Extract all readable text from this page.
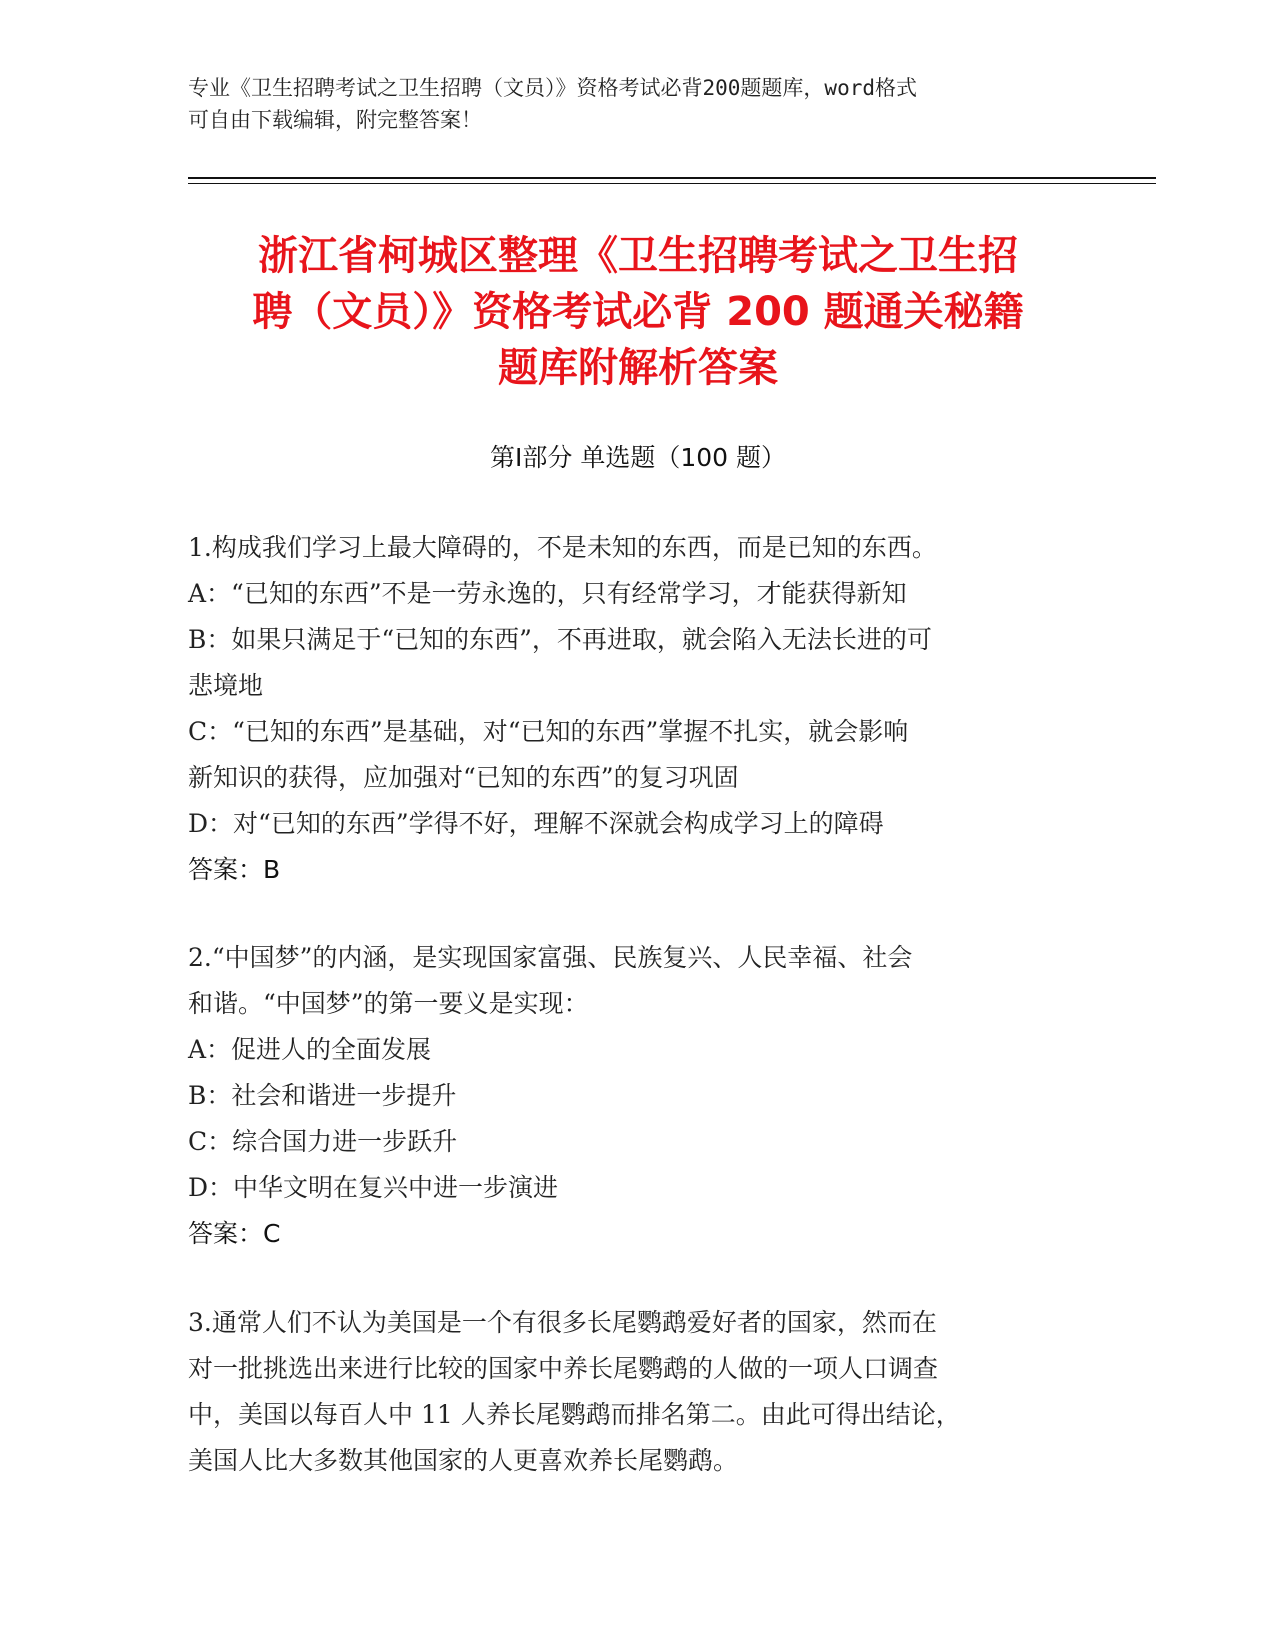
专业《卫生招聘考试之卫生招聘（文员）》资格考试必背200题题库，word格式
可自由下载编辑，附完整答案！
浙江省柯城区整理《卫生招聘考试之卫生招
聘（文员）》资格考试必背 200 题通关秘籍
题库附解析答案
第Ⅰ部分 单选题（100 题）
1.构成我们学习上最大障碍的，不是未知的东西，而是已知的东西。
A：“已知的东西”不是一劳永逸的，只有经常学习，才能获得新知
B：如果只满足于“已知的东西”，不再进取，就会陷入无法长进的可
悲境地
C：“已知的东西”是基础，对“已知的东西”掌握不扎实，就会影响
新知识的获得，应加强对“已知的东西”的复习巩固
D：对“已知的东西”学得不好，理解不深就会构成学习上的障碍
答案：B
2.“中国梦”的内涵，是实现国家富强、民族复兴、人民幸福、社会
和谐。“中国梦”的第一要义是实现：
A：促进人的全面发展
B：社会和谐进一步提升
C：综合国力进一步跃升
D：中华文明在复兴中进一步演进
答案：C
3.通常人们不认为美国是一个有很多长尾鹦鹉爱好者的国家，然而在
对一批挑选出来进行比较的国家中养长尾鹦鹉的人做的一项人口调查
中，美国以每百人中 11 人养长尾鹦鹉而排名第二。由此可得出结论，
美国人比大多数其他国家的人更喜欢养长尾鹦鹉。
